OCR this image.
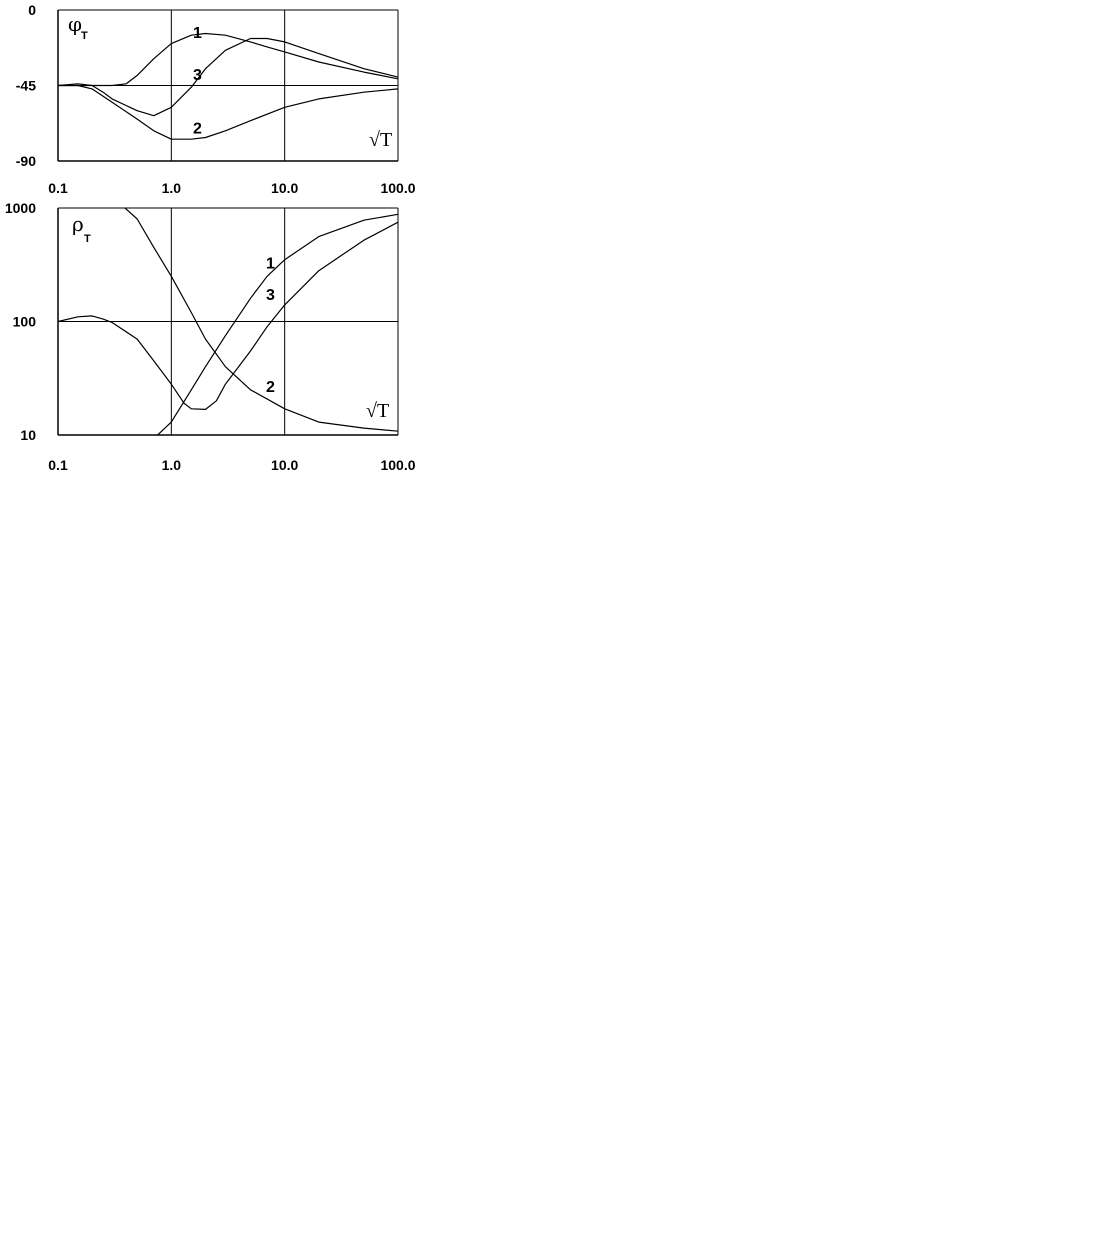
0.1	1.0	10.0	100.0
0
-45
-90
1
3
2
φ
T
√T
0.1	1.0	10.0	100.0
1000
100
10
1
3
2
ρ
T
√T
